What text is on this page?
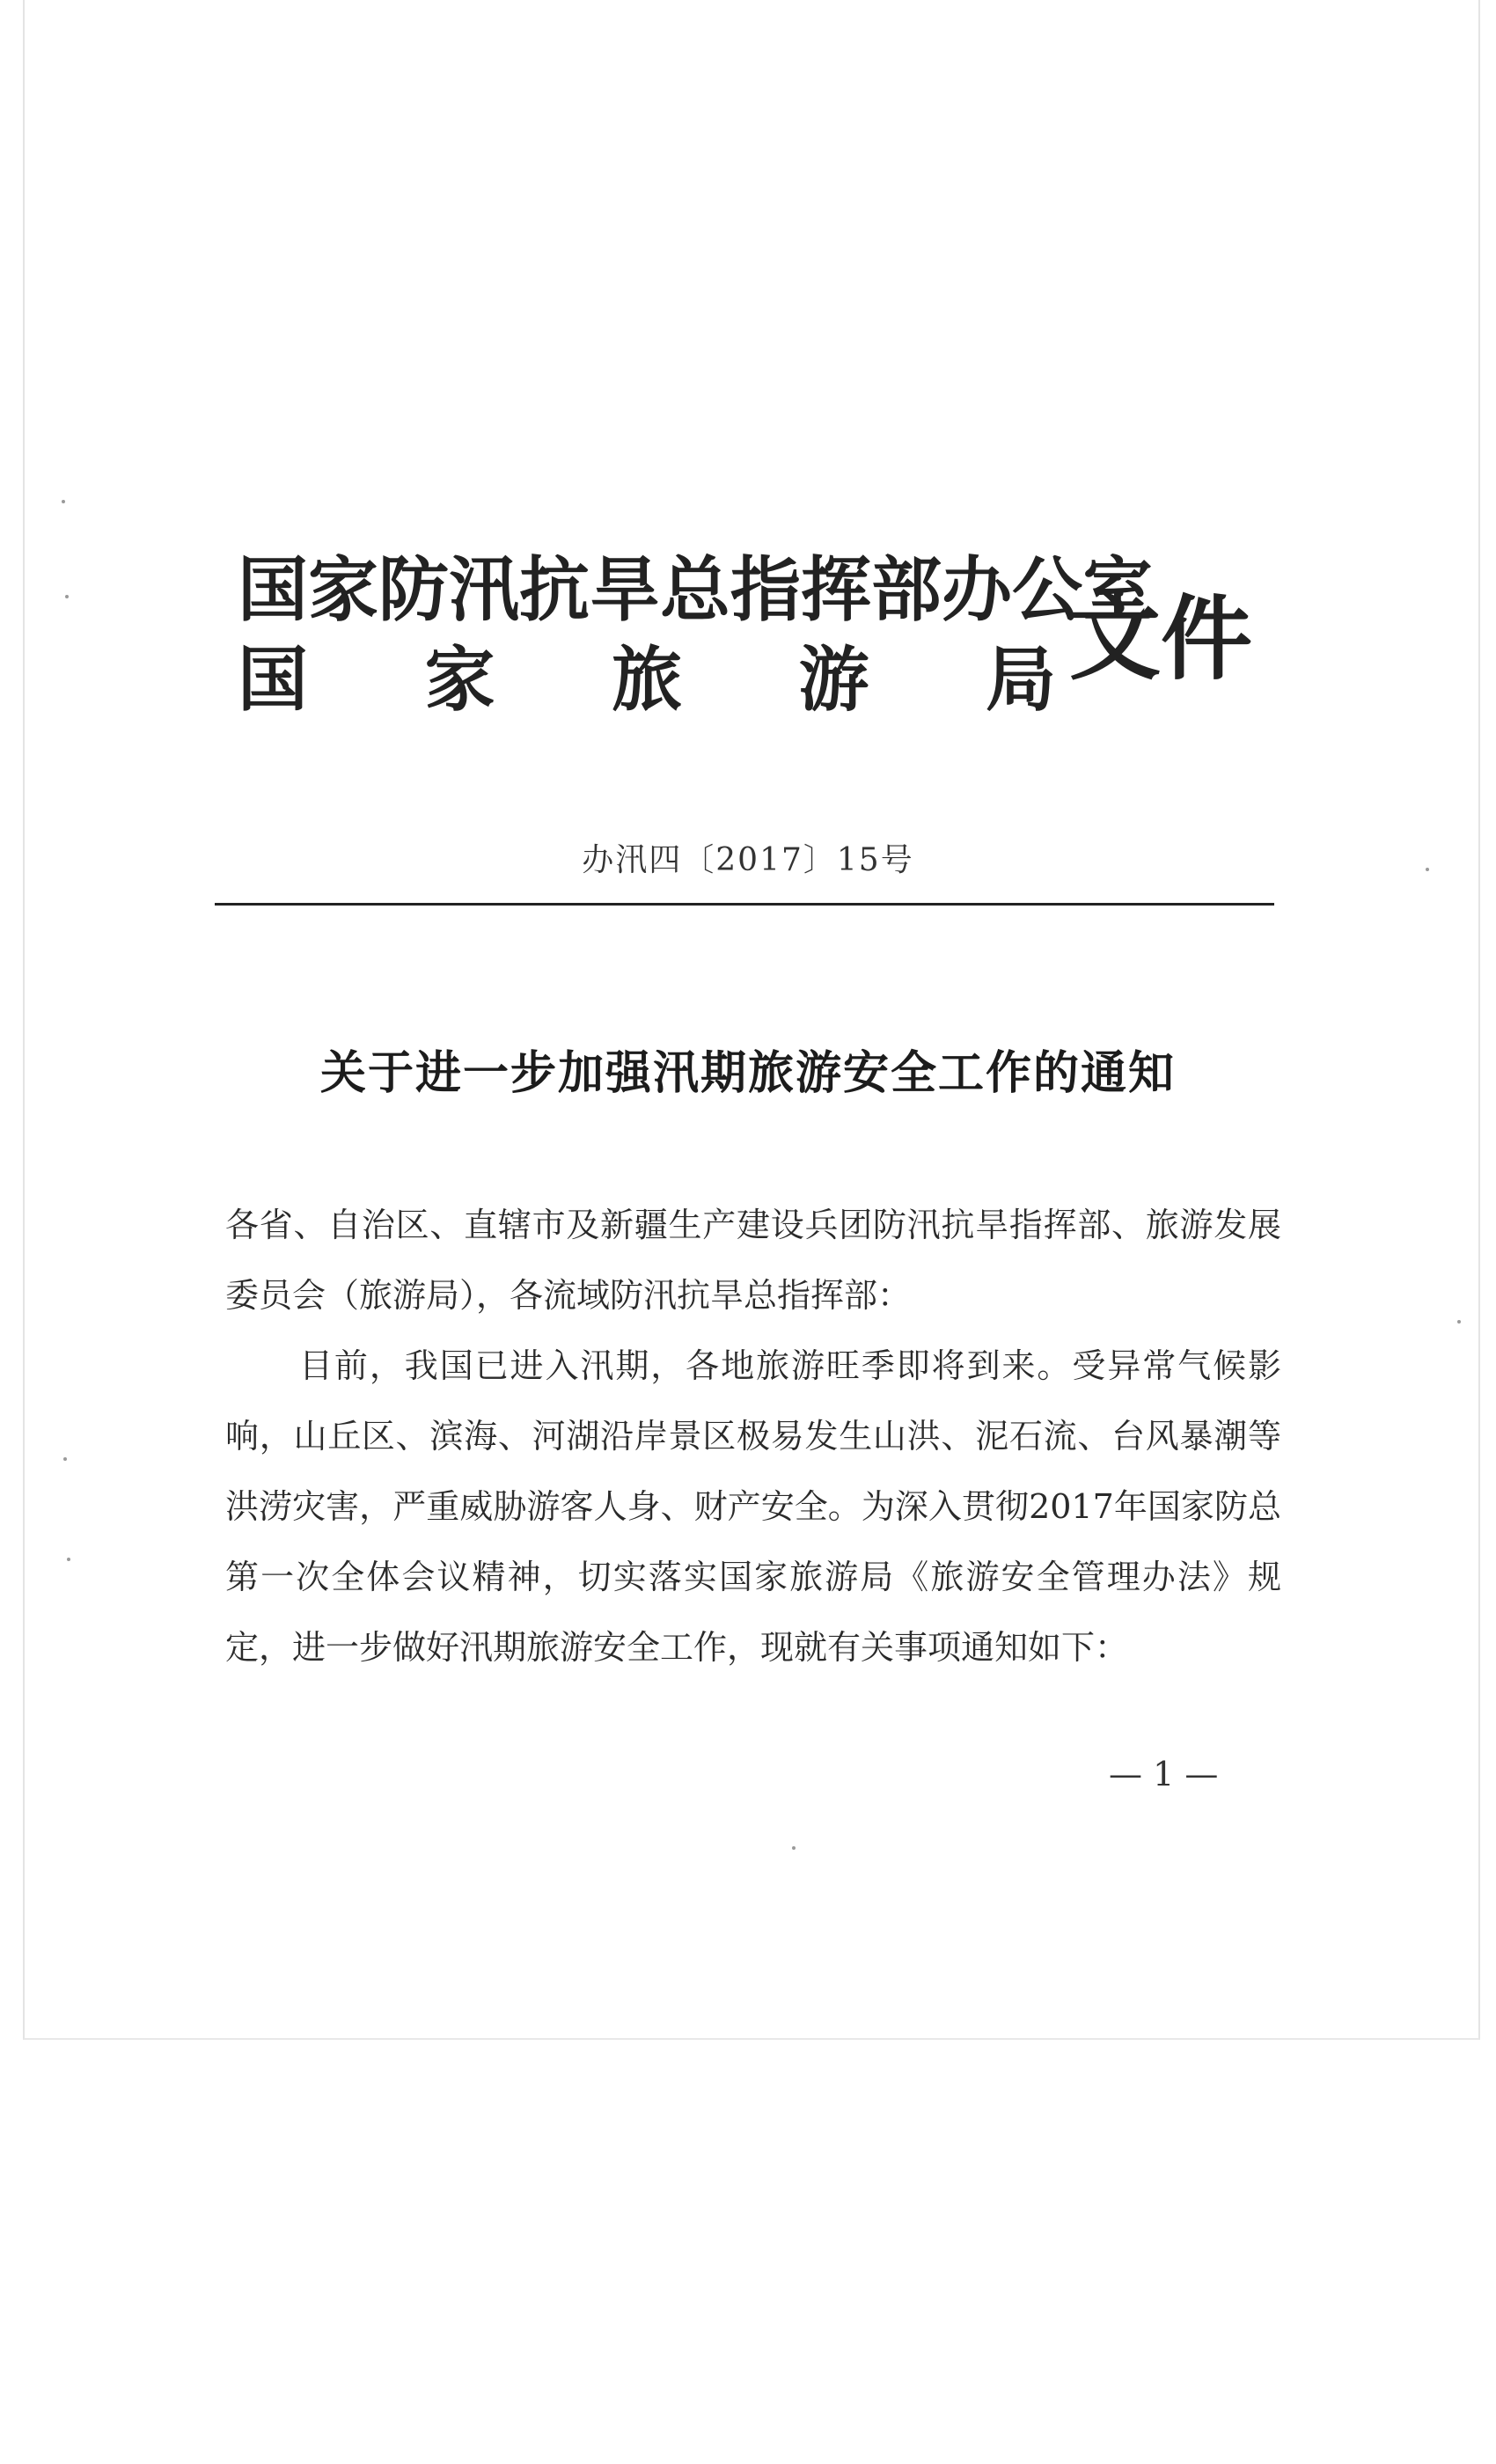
国家防汛抗旱总指挥部办公室
国 家 旅 游 局 文件
办汛四〔2017〕15号
关于进一步加强汛期旅游安全工作的通知
各省、自治区、直辖市及新疆生产建设兵团防汛抗旱指挥部、旅游发展委员会（旅游局），各流域防汛抗旱总指挥部：
目前，我国已进入汛期，各地旅游旺季即将到来。受异常气候影响，山丘区、滨海、河湖沿岸景区极易发生山洪、泥石流、台风暴潮等洪涝灾害，严重威胁游客人身、财产安全。为深入贯彻2017年国家防总第一次全体会议精神，切实落实国家旅游局《旅游安全管理办法》规定，进一步做好汛期旅游安全工作，现就有关事项通知如下：
— 1 —
